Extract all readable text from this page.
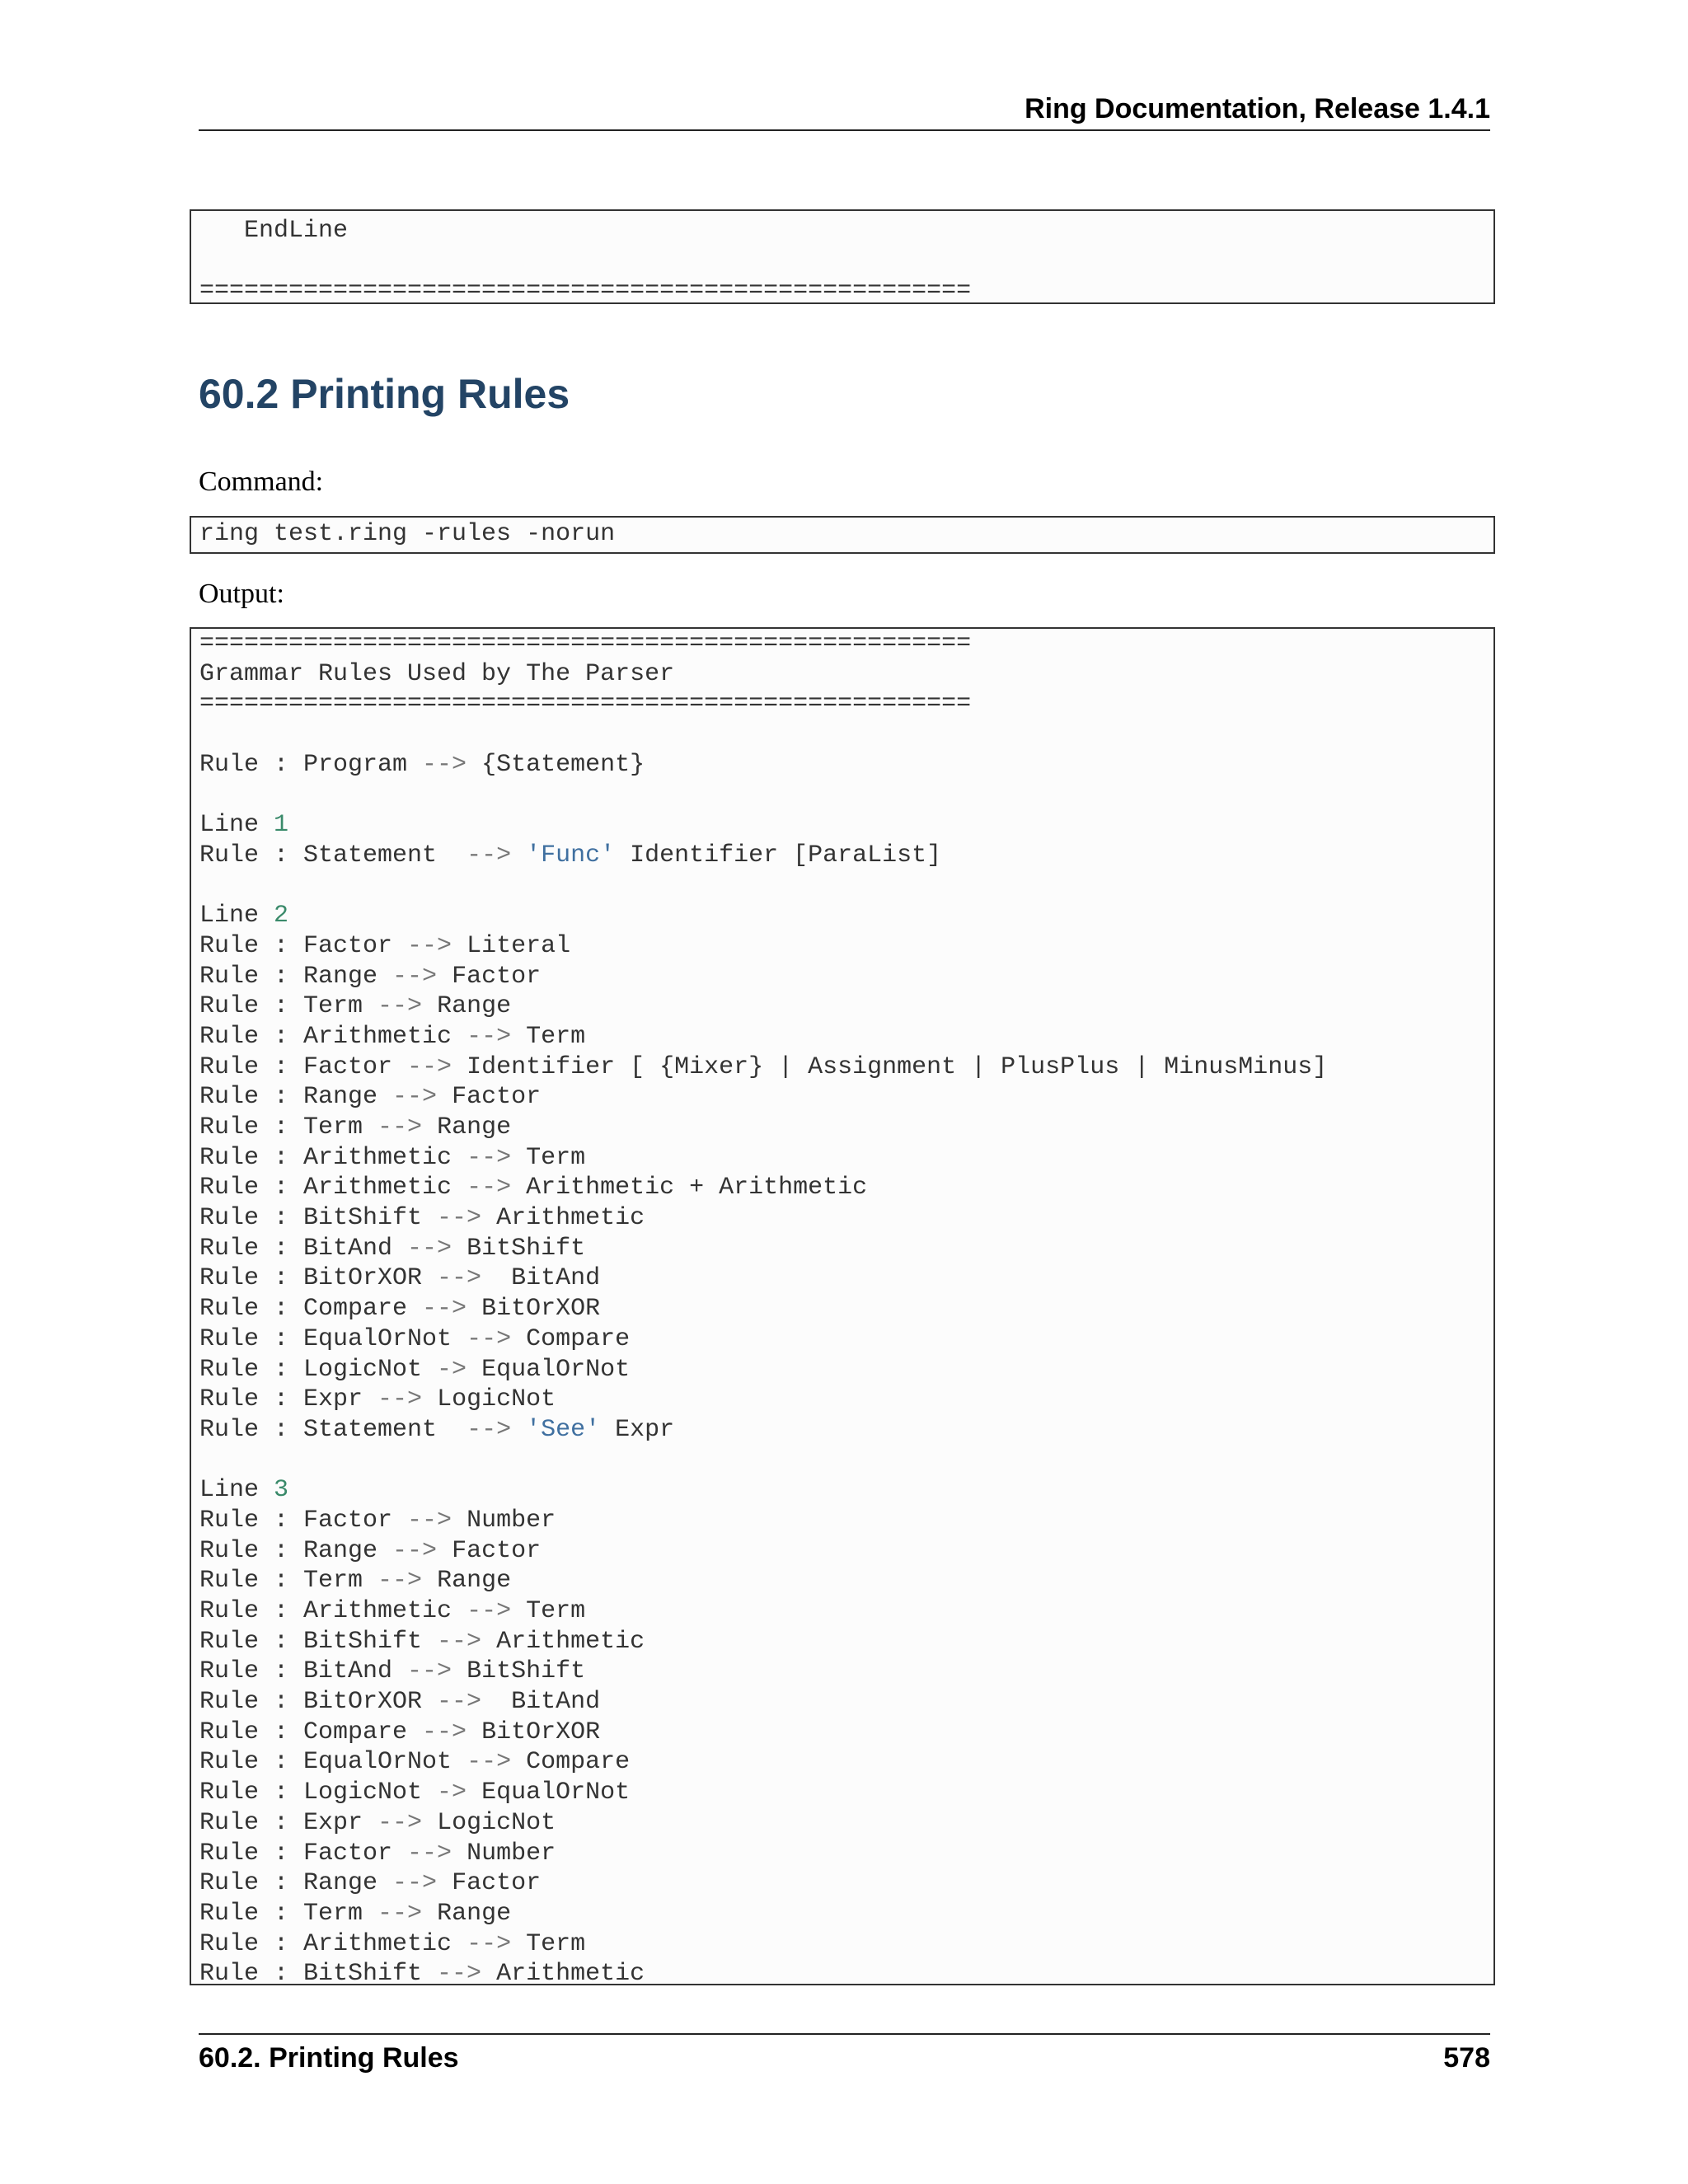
Ring Documentation, Release 1.4.1
EndLine
====================================================
60.2 Printing Rules
Command:
ring test.ring -rules -norun
Output:
====================================================
Grammar Rules Used by The Parser
====================================================
Rule : Program --> {Statement}
Line 1
Rule : Statement  --> 'Func' Identifier [ParaList]
Line 2
Rule : Factor --> Literal
Rule : Range --> Factor
Rule : Term --> Range
Rule : Arithmetic --> Term
Rule : Factor --> Identifier [ {Mixer} | Assignment | PlusPlus | MinusMinus]
Rule : Range --> Factor
Rule : Term --> Range
Rule : Arithmetic --> Term
Rule : Arithmetic --> Arithmetic + Arithmetic
Rule : BitShift --> Arithmetic
Rule : BitAnd --> BitShift
Rule : BitOrXOR -->  BitAnd
Rule : Compare --> BitOrXOR
Rule : EqualOrNot --> Compare
Rule : LogicNot -> EqualOrNot
Rule : Expr --> LogicNot
Rule : Statement  --> 'See' Expr
Line 3
Rule : Factor --> Number
Rule : Range --> Factor
Rule : Term --> Range
Rule : Arithmetic --> Term
Rule : BitShift --> Arithmetic
Rule : BitAnd --> BitShift
Rule : BitOrXOR -->  BitAnd
Rule : Compare --> BitOrXOR
Rule : EqualOrNot --> Compare
Rule : LogicNot -> EqualOrNot
Rule : Expr --> LogicNot
Rule : Factor --> Number
Rule : Range --> Factor
Rule : Term --> Range
Rule : Arithmetic --> Term
Rule : BitShift --> Arithmetic
60.2. Printing Rules	578
